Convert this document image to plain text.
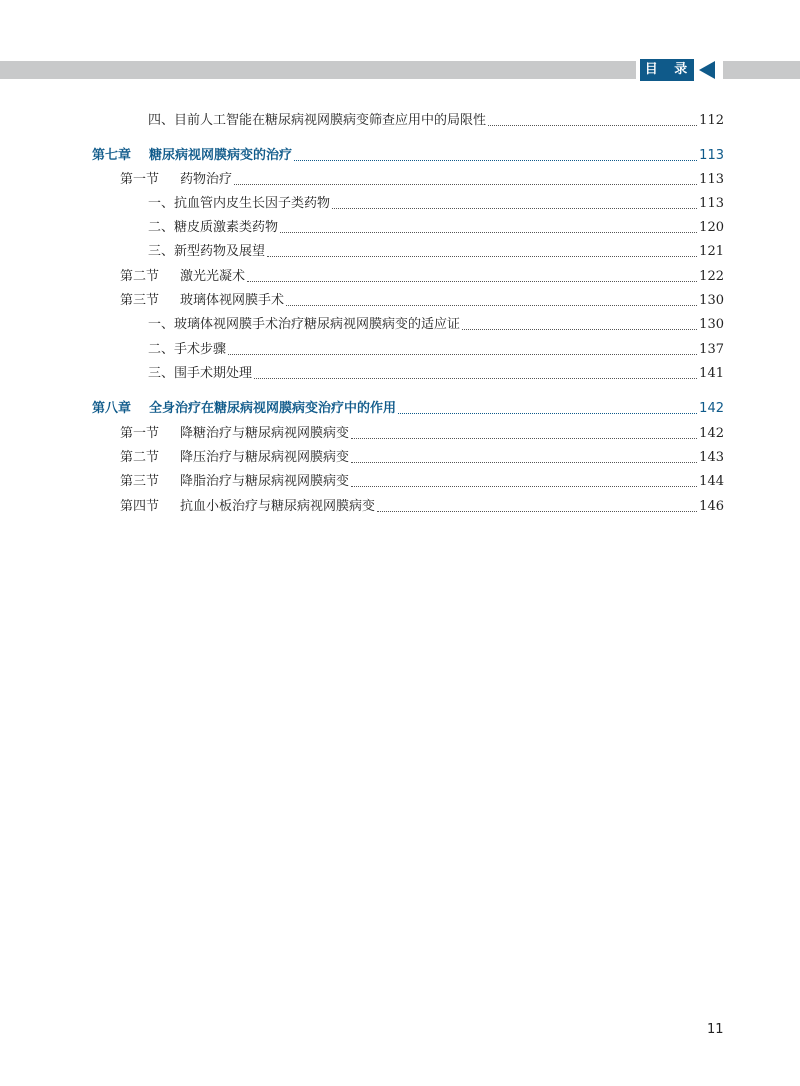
目 录
四、目前人工智能在糖尿病视网膜病变筛查应用中的局限性	112
第七章	糖尿病视网膜病变的治疗	113
第一节	药物治疗	113
一、抗血管内皮生长因子类药物	113
二、糖皮质激素类药物	120
三、新型药物及展望	121
第二节	激光光凝术	122
第三节	玻璃体视网膜手术	130
一、玻璃体视网膜手术治疗糖尿病视网膜病变的适应证	130
二、手术步骤	137
三、围手术期处理	141
第八章	全身治疗在糖尿病视网膜病变治疗中的作用	142
第一节	降糖治疗与糖尿病视网膜病变	142
第二节	降压治疗与糖尿病视网膜病变	143
第三节	降脂治疗与糖尿病视网膜病变	144
第四节	抗血小板治疗与糖尿病视网膜病变	146
11
